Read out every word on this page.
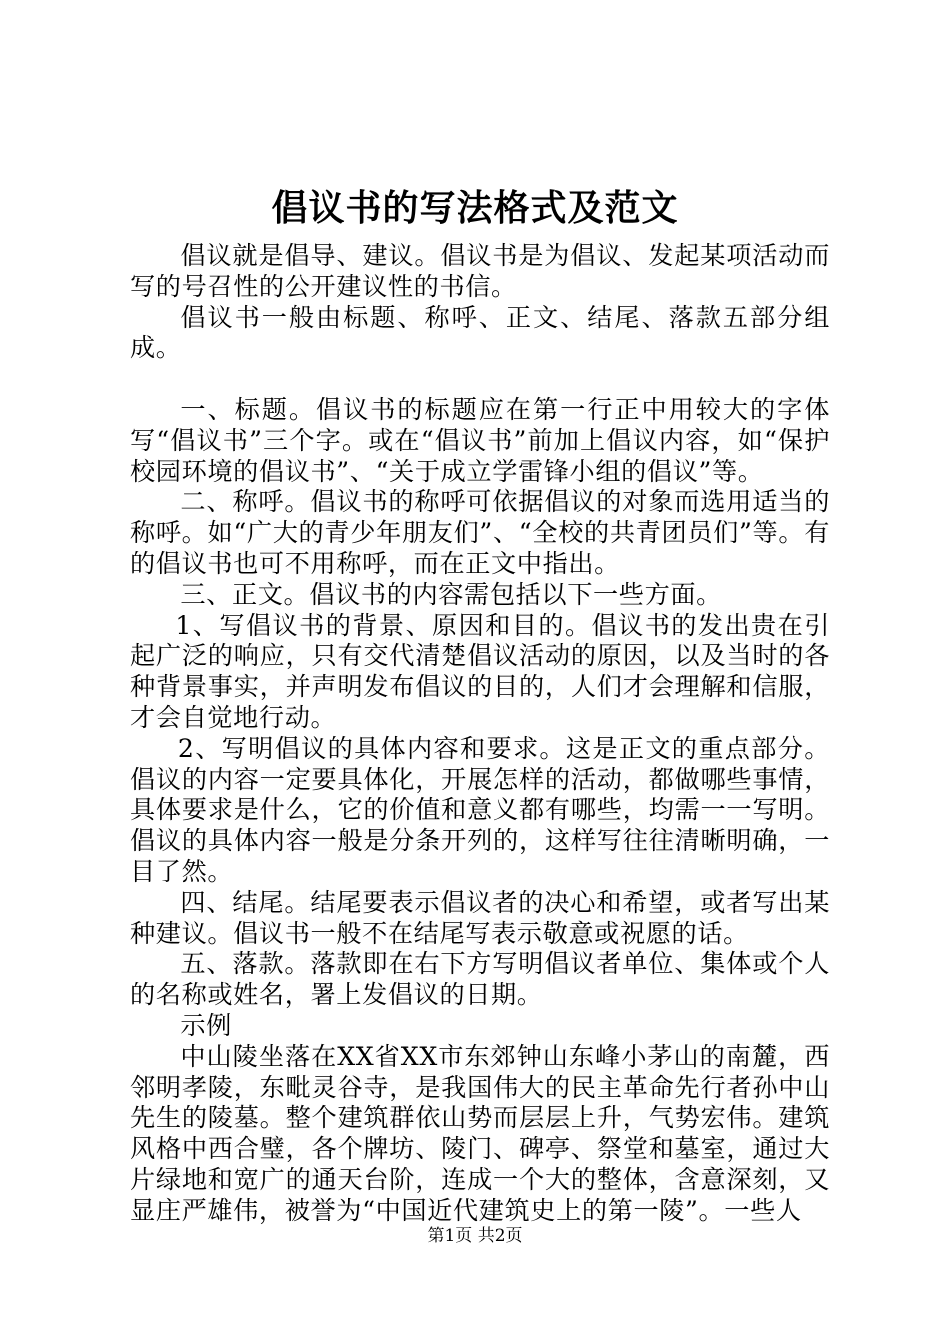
倡议书的写法格式及范文

倡议就是倡导、建议。倡议书是为倡议、发起某项活动而写的号召性的公开建议性的书信。

倡议书一般由标题、称呼、正文、结尾、落款五部分组成。

一、标题。倡议书的标题应在第一行正中用较大的字体写“倡议书”三个字。或在“倡议书”前加上倡议内容，如“保护校园环境的倡议书”、“关于成立学雷锋小组的倡议”等。

二、称呼。倡议书的称呼可依据倡议的对象而选用适当的称呼。如“广大的青少年朋友们”、“全校的共青团员们”等。有的倡议书也可不用称呼，而在正文中指出。

三、正文。倡议书的内容需包括以下一些方面。

1、写倡议书的背景、原因和目的。倡议书的发出贵在引起广泛的响应，只有交代清楚倡议活动的原因，以及当时的各种背景事实，并声明发布倡议的目的，人们才会理解和信服，才会自觉地行动。

2、写明倡议的具体内容和要求。这是正文的重点部分。倡议的内容一定要具体化，开展怎样的活动，都做哪些事情，具体要求是什么，它的价值和意义都有哪些，均需一一写明。倡议的具体内容一般是分条开列的，这样写往往清晰明确，一目了然。

四、结尾。结尾要表示倡议者的决心和希望，或者写出某种建议。倡议书一般不在结尾写表示敬意或祝愿的话。

五、落款。落款即在右下方写明倡议者单位、集体或个人的名称或姓名，署上发倡议的日期。

示例

中山陵坐落在XX省XX市东郊钟山东峰小茅山的南麓，西邻明孝陵，东毗灵谷寺，是我国伟大的民主革命先行者孙中山先生的陵墓。整个建筑群依山势而层层上升，气势宏伟。建筑风格中西合璧，各个牌坊、陵门、碑亭、祭堂和墓室，通过大片绿地和宽广的通天台阶，连成一个大的整体，含意深刻，又显庄严雄伟，被誉为“中国近代建筑史上的第一陵”。一些人

第1页 共2页
